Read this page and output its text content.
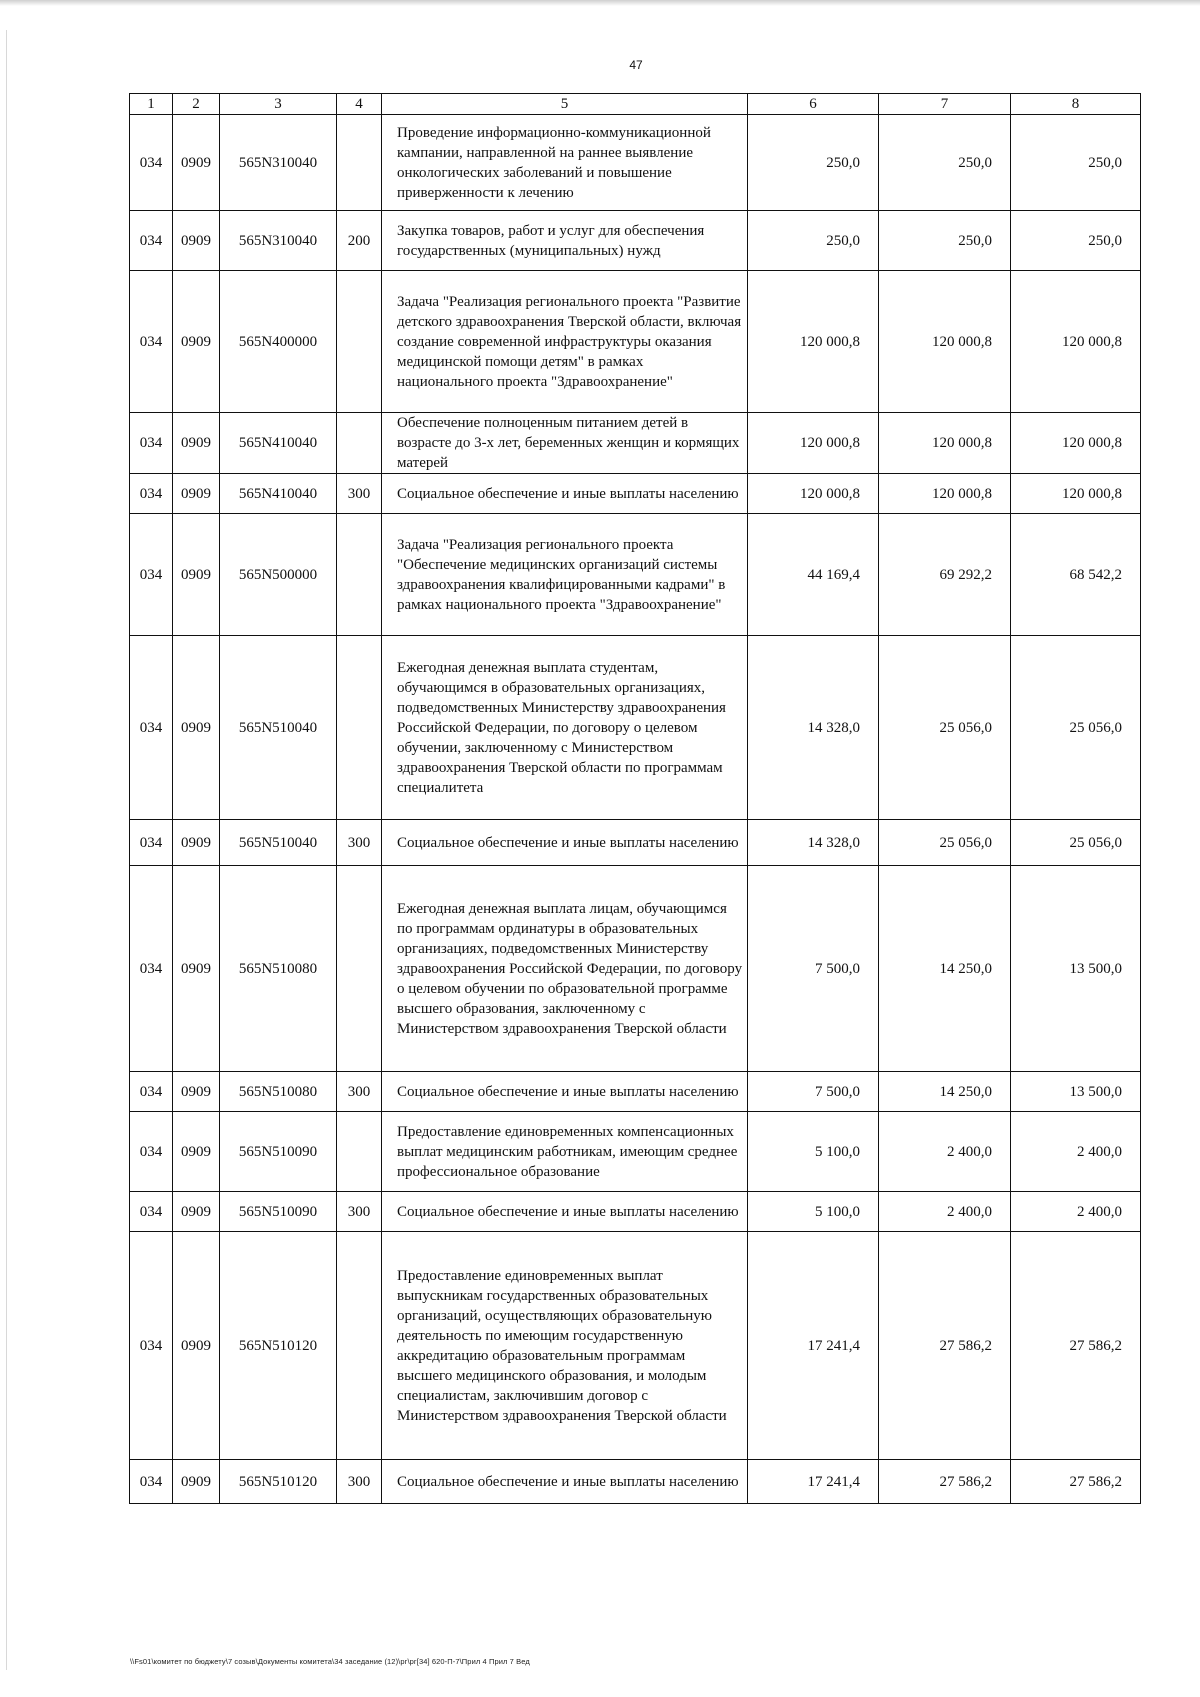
47
1	2	3	4	5	6	7	8
034	0909	565N310040		Проведение информационно-коммуникационной кампании, направленной на раннее выявление онкологических заболеваний и повышение приверженности к лечению	250,0	250,0	250,0
034	0909	565N310040	200	Закупка товаров, работ и услуг для обеспечения государственных (муниципальных) нужд	250,0	250,0	250,0
034	0909	565N400000		Задача "Реализация регионального проекта "Развитие детского здравоохранения Тверской области, включая создание современной инфраструктуры оказания медицинской помощи детям" в рамках национального проекта "Здравоохранение"	120 000,8	120 000,8	120 000,8
034	0909	565N410040		Обеспечение полноценным питанием детей в возрасте до 3-х лет, беременных женщин и кормящих матерей	120 000,8	120 000,8	120 000,8
034	0909	565N410040	300	Социальное обеспечение и иные выплаты населению	120 000,8	120 000,8	120 000,8
034	0909	565N500000		Задача "Реализация регионального проекта "Обеспечение медицинских организаций системы здравоохранения квалифицированными кадрами" в рамках национального проекта "Здравоохранение"	44 169,4	69 292,2	68 542,2
034	0909	565N510040		Ежегодная денежная выплата студентам, обучающимся в образовательных организациях, подведомственных Министерству здравоохранения Российской Федерации, по договору о целевом обучении, заключенному с Министерством здравоохранения Тверской области по программам специалитета	14 328,0	25 056,0	25 056,0
034	0909	565N510040	300	Социальное обеспечение и иные выплаты населению	14 328,0	25 056,0	25 056,0
034	0909	565N510080		Ежегодная денежная выплата лицам, обучающимся по программам ординатуры в образовательных организациях, подведомственных Министерству здравоохранения Российской Федерации, по договору о целевом обучении по образовательной программе высшего образования, заключенному с Министерством здравоохранения Тверской области	7 500,0	14 250,0	13 500,0
034	0909	565N510080	300	Социальное обеспечение и иные выплаты населению	7 500,0	14 250,0	13 500,0
034	0909	565N510090		Предоставление единовременных компенсационных выплат медицинским работникам, имеющим среднее профессиональное образование	5 100,0	2 400,0	2 400,0
034	0909	565N510090	300	Социальное обеспечение и иные выплаты населению	5 100,0	2 400,0	2 400,0
034	0909	565N510120		Предоставление единовременных выплат выпускникам государственных образовательных организаций, осуществляющих образовательную деятельность по имеющим государственную аккредитацию образовательным программам высшего медицинского образования, и молодым специалистам, заключившим договор с Министерством здравоохранения Тверской области	17 241,4	27 586,2	27 586,2
034	0909	565N510120	300	Социальное обеспечение и иные выплаты населению	17 241,4	27 586,2	27 586,2
\\Fs01\комитет по бюджету\7 созыв\Документы комитета\34 заседание (12)\рг\рг[34] 620-П-7\Прил 4 Прил 7 Вед
